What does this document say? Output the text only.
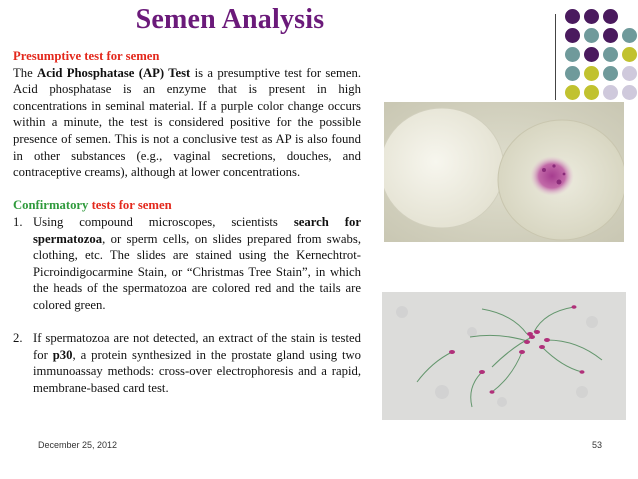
Semen Analysis
Presumptive test for semen

The Acid Phosphatase (AP) Test is a presumptive test for semen. Acid phosphatase is an enzyme that is present in high concentrations in seminal material. If a purple color change occurs within a minute, the test is considered positive for the possible presence of semen. This is not a conclusive test as AP is also found in other substances (e.g., vaginal secretions, douches, and contraceptive creams), although at lower concentrations.

Confirmatory tests for semen
1. Using compound microscopes, scientists search for spermatozoa, or sperm cells, on slides prepared from swabs, clothing, etc. The slides are stained using the Kernechtrot-Picroindigocarmine Stain, or “Christmas Tree Stain”, in which the heads of the spermatozoa are colored red and the tails are colored green.
2. If spermatozoa are not detected, an extract of the stain is tested for p30, a protein synthesized in the prostate gland using two immunoassay methods: cross-over electrophoresis and a rapid, membrane-based card test.
December 25, 2012	53
